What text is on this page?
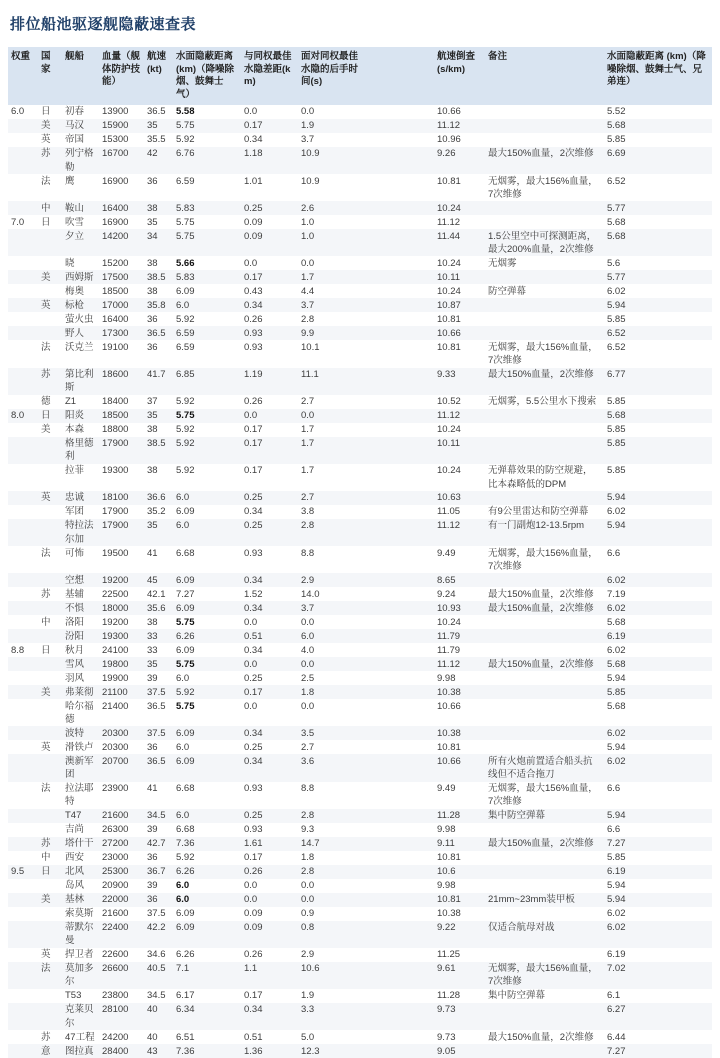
排位船池驱逐舰隐蔽速查表
权重	国家	舰船	血量（舰体防护技能）	航速 (kt)	水面隐蔽距离 (km)（降噪除烟、鼓舞士气）	与同权最佳水隐差距(km)	面对同权最佳水隐的后手时间(s)		航速倒查 (s/km)	备注	水面隐蔽距离 (km)（降噪除烟、鼓舞士气、兄弟连）
6.0	日	初春	13900	36.5	5.58	0.0	0.0		10.66		5.52
	美	马汉	15900	35	5.75	0.17	1.9		11.12		5.68
	英	帝国	15300	35.5	5.92	0.34	3.7		10.96		5.85
	苏	列宁格勒	16700	42	6.76	1.18	10.9		9.26	最大150%血量，2次维修	6.69
	法	鹰	16900	36	6.59	1.01	10.9		10.81	无烟雾，最大156%血量，7次维修	6.52
	中	鞍山	16400	38	5.83	0.25	2.6		10.24		5.77
7.0	日	吹雪	16900	35	5.75	0.09	1.0		11.12		5.68
		夕立	14200	34	5.75	0.09	1.0		11.44	1.5公里空中可探测距离，最大200%血量，2次维修	5.68
		晓	15200	38	5.66	0.0	0.0		10.24	无烟雾	5.6
	美	西姆斯	17500	38.5	5.83	0.17	1.7		10.11		5.77
		梅奥	18500	38	6.09	0.43	4.4		10.24	防空弹幕	6.02
	英	标枪	17000	35.8	6.0	0.34	3.7		10.87		5.94
		萤火虫	16400	36	5.92	0.26	2.8		10.81		5.85
		野人	17300	36.5	6.59	0.93	9.9		10.66		6.52
	法	沃克兰	19100	36	6.59	0.93	10.1		10.81	无烟雾，最大156%血量，7次维修	6.52
	苏	第比利斯	18600	41.7	6.85	1.19	11.1		9.33	最大150%血量，2次维修	6.77
	德	Z1	18400	37	5.92	0.26	2.7		10.52	无烟雾，5.5公里水下搜索	5.85
8.0	日	阳炎	18500	35	5.75	0.0	0.0		11.12		5.68
	美	本森	18800	38	5.92	0.17	1.7		10.24		5.85
		格里德利	17900	38.5	5.92	0.17	1.7		10.11		5.85
		拉菲	19300	38	5.92	0.17	1.7		10.24	无弹幕效果的防空规避，比本森略低的DPM	5.85
	英	忠诚	18100	36.6	6.0	0.25	2.7		10.63		5.94
		军团	17900	35.2	6.09	0.34	3.8		11.05	有9公里雷达和防空弹幕	6.02
		特拉法尔加	17900	35	6.0	0.25	2.8		11.12	有一门副炮12-13.5rpm	5.94
	法	可怖	19500	41	6.68	0.93	8.8		9.49	无烟雾，最大156%血量，7次维修	6.6
		空想	19200	45	6.09	0.34	2.9		8.65		6.02
	苏	基辅	22500	42.1	7.27	1.52	14.0		9.24	最大150%血量，2次维修	7.19
		不惧	18000	35.6	6.09	0.34	3.7		10.93	最大150%血量，2次维修	6.02
	中	洛阳	19200	38	5.75	0.0	0.0		10.24		5.68
		汾阳	19300	33	6.26	0.51	6.0		11.79		6.19
8.8	日	秋月	24100	33	6.09	0.34	4.0		11.79		6.02
		雪风	19800	35	5.75	0.0	0.0		11.12	最大150%血量，2次维修	5.68
		羽风	19900	39	6.0	0.25	2.5		9.98		5.94
	美	弗莱彻	21100	37.5	5.92	0.17	1.8		10.38		5.85
		哈尔福德	21400	36.5	5.75	0.0	0.0		10.66		5.68
		波特	20300	37.5	6.09	0.34	3.5		10.38		6.02
	英	滑铁卢	20300	36	6.0	0.25	2.7		10.81		5.94
		澳新军团	20700	36.5	6.09	0.34	3.6		10.66	所有火炮前置适合船头抗线但不适合拖刀	6.02
	法	拉法耶特	23900	41	6.68	0.93	8.8		9.49	无烟雾，最大156%血量，7次维修	6.6
		T47	21600	34.5	6.0	0.25	2.8		11.28	集中防空弹幕	5.94
		吉尚	26300	39	6.68	0.93	9.3		9.98		6.6
	苏	塔什干	27200	42.7	7.36	1.61	14.7		9.11	最大150%血量，2次维修	7.27
	中	西安	23000	36	5.92	0.17	1.8		10.81		5.85
9.5	日	北风	25300	36.7	6.26	0.26	2.8		10.6		6.19
		岛风	20900	39	6.0	0.0	0.0		9.98		5.94
	美	基林	22000	36	6.0	0.0	0.0		10.81	21mm~23mm装甲板	5.94
		索莫斯	21600	37.5	6.09	0.09	0.9		10.38		6.02
		蒂默尔曼	22400	42.2	6.09	0.09	0.8		9.22	仅适合航母对战	6.02
	英	捍卫者	22600	34.6	6.26	0.26	2.9		11.25		6.19
	法	莫加多尔	26600	40.5	7.1	1.1	10.6		9.61	无烟雾，最大156%血量，7次维修	7.02
		T53	23800	34.5	6.17	0.17	1.9		11.28	集中防空弹幕	6.1
		克莱贝尔	28100	40	6.34	0.34	3.3		9.73		6.27
	苏	47工程	24200	40	6.51	0.51	5.0		9.73	最大150%血量，2次维修	6.44
	意	图拉真	28400	43	7.36	1.36	12.3		9.05		7.27
